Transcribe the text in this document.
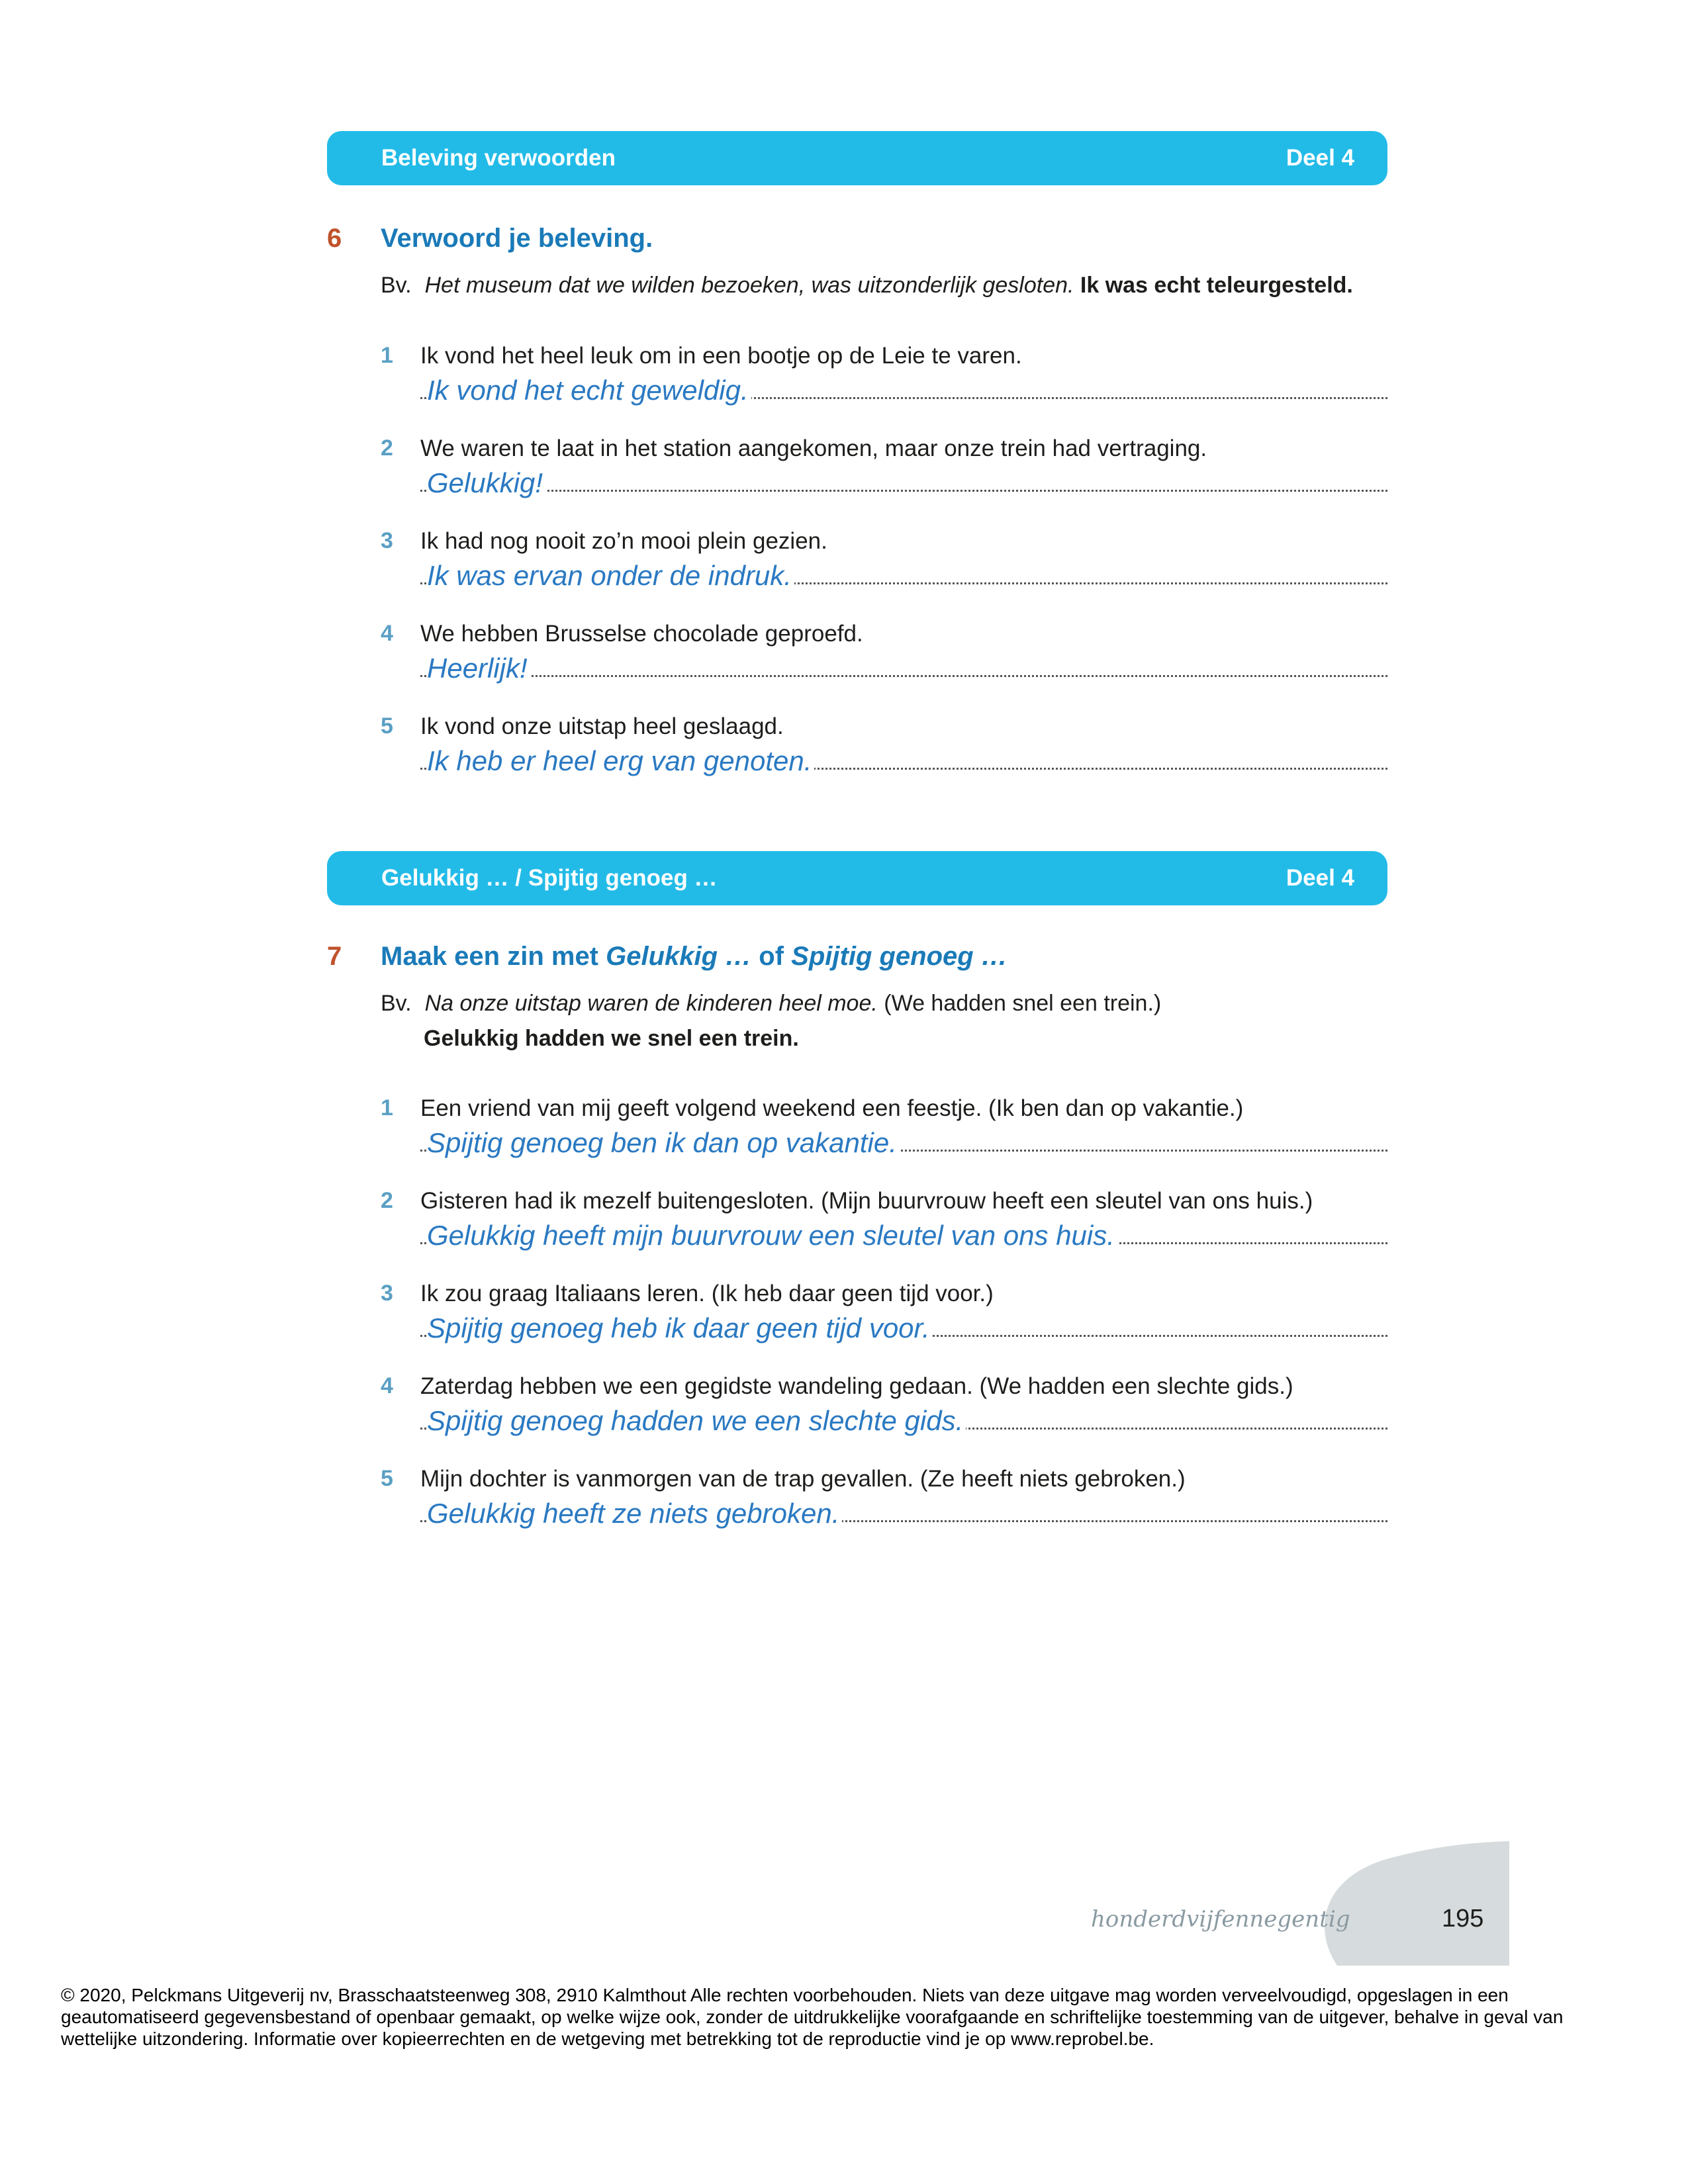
Beleving verwoorden	Deel 4
6 Verwoord je beleving.
Bv. Het museum dat we wilden bezoeken, was uitzonderlijk gesloten. Ik was echt teleurgesteld.
1 Ik vond het heel leuk om in een bootje op de Leie te varen.
Ik vond het echt geweldig.
2 We waren te laat in het station aangekomen, maar onze trein had vertraging.
Gelukkig!
3 Ik had nog nooit zo’n mooi plein gezien.
Ik was ervan onder de indruk.
4 We hebben Brusselse chocolade geproefd.
Heerlijk!
5 Ik vond onze uitstap heel geslaagd.
Ik heb er heel erg van genoten.
Gelukkig … / Spijtig genoeg …	Deel 4
7 Maak een zin met Gelukkig … of Spijtig genoeg …
Bv. Na onze uitstap waren de kinderen heel moe. (We hadden snel een trein.)
Gelukkig hadden we snel een trein.
1 Een vriend van mij geeft volgend weekend een feestje. (Ik ben dan op vakantie.)
Spijtig genoeg ben ik dan op vakantie.
2 Gisteren had ik mezelf buitengesloten. (Mijn buurvrouw heeft een sleutel van ons huis.)
Gelukkig heeft mijn buurvrouw een sleutel van ons huis.
3 Ik zou graag Italiaans leren. (Ik heb daar geen tijd voor.)
Spijtig genoeg heb ik daar geen tijd voor.
4 Zaterdag hebben we een gegidste wandeling gedaan. (We hadden een slechte gids.)
Spijtig genoeg hadden we een slechte gids.
5 Mijn dochter is vanmorgen van de trap gevallen. (Ze heeft niets gebroken.)
Gelukkig heeft ze niets gebroken.
honderdvijfennegentig	195
© 2020, Pelckmans Uitgeverij nv, Brasschaatsteenweg 308, 2910 Kalmthout Alle rechten voorbehouden. Niets van deze uitgave mag worden verveelvoudigd, opgeslagen in een geautomatiseerd gegevensbestand of openbaar gemaakt, op welke wijze ook, zonder de uitdrukkelijke voorafgaande en schriftelijke toestemming van de uitgever, behalve in geval van wettelijke uitzondering. Informatie over kopieerrechten en de wetgeving met betrekking tot de reproductie vind je op www.reprobel.be.
